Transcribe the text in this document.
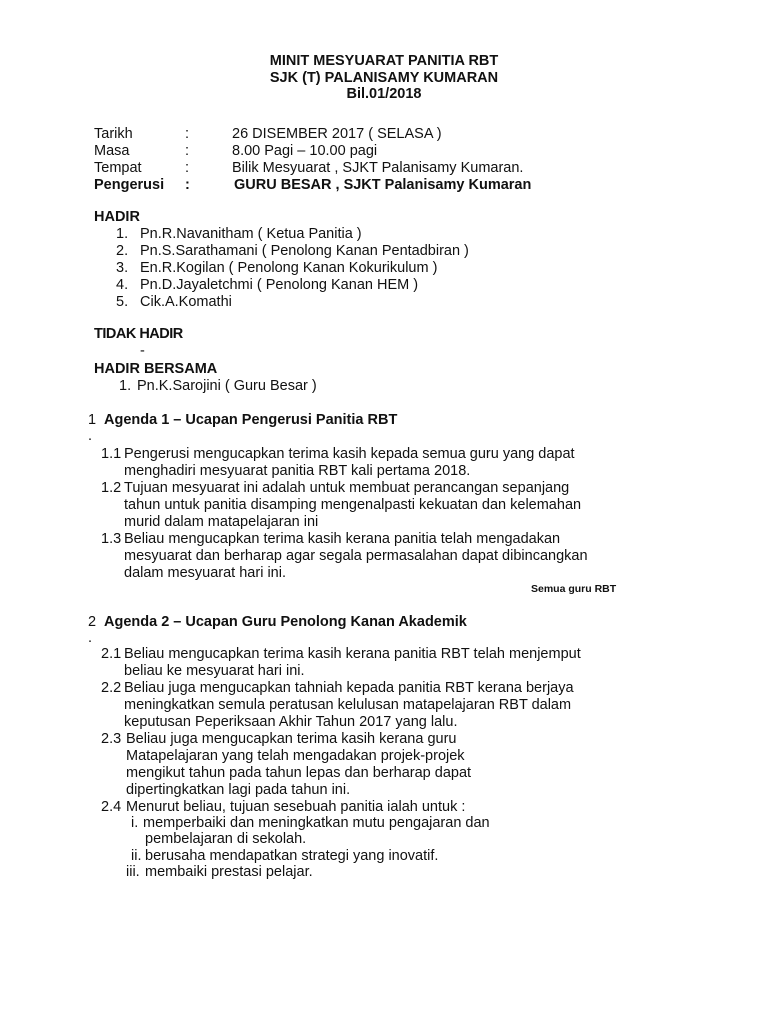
MINIT MESYUARAT PANITIA RBT
SJK (T) PALANISAMY KUMARAN
Bil.01/2018
Tarikh	:	26 DISEMBER 2017 ( SELASA )
Masa	:	8.00 Pagi – 10.00 pagi
Tempat	:	Bilik Mesyuarat , SJKT Palanisamy Kumaran.
Pengerusi :	GURU BESAR , SJKT Palanisamy Kumaran
HADIR
1. Pn.R.Navanitham ( Ketua Panitia )
2. Pn.S.Sarathamani ( Penolong Kanan Pentadbiran )
3. En.R.Kogilan ( Penolong Kanan Kokurikulum )
4. Pn.D.Jayaletchmi ( Penolong Kanan HEM )
5. Cik.A.Komathi
TIDAK HADIR
-
HADIR BERSAMA
1. Pn.K.Sarojini ( Guru Besar )
1
.
Agenda 1 – Ucapan Pengerusi Panitia RBT
1.1 Pengerusi mengucapkan terima kasih kepada semua guru yang dapat
menghadiri mesyuarat panitia RBT kali pertama 2018.
1.2 Tujuan mesyuarat ini adalah untuk membuat perancangan sepanjang
tahun untuk panitia disamping mengenalpasti kekuatan dan kelemahan
murid dalam matapelajaran ini
1.3 Beliau mengucapkan terima kasih kerana panitia telah mengadakan
mesyuarat dan berharap agar segala permasalahan dapat dibincangkan
dalam mesyuarat hari ini.
Semua guru RBT
2
.
Agenda 2 – Ucapan Guru Penolong Kanan Akademik
2.1 Beliau mengucapkan terima kasih kerana panitia RBT telah menjemput
beliau ke mesyuarat hari ini.
2.2 Beliau juga mengucapkan tahniah kepada panitia RBT kerana berjaya
meningkatkan semula peratusan kelulusan matapelajaran RBT dalam
keputusan Peperiksaan Akhir Tahun 2017 yang lalu.
2.3 Beliau juga mengucapkan terima kasih kerana guru
Matapelajaran yang telah mengadakan projek-projek
mengikut tahun pada tahun lepas dan berharap dapat
dipertingkatkan lagi pada tahun ini.
2.4 Menurut beliau, tujuan sesebuah panitia ialah untuk :
i. memperbaiki dan meningkatkan mutu pengajaran dan
pembelajaran di sekolah.
ii. berusaha mendapatkan strategi yang inovatif.
iii. membaiki prestasi pelajar.
